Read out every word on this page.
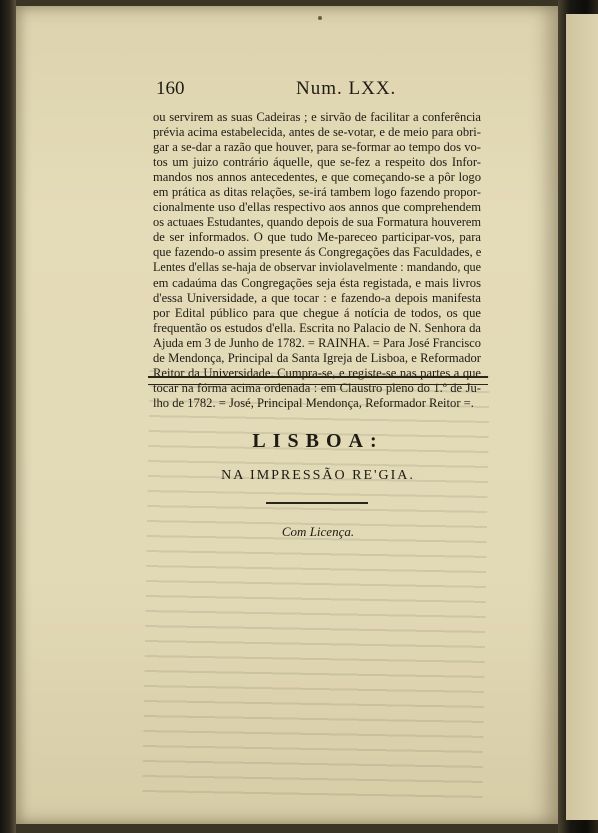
160	Num. LXX.
ou servirem as suas Cadeiras ; e sirvão de facilitar a conferência
prévia acima estabelecida, antes de se-votar, e de meio para obri-
gar a se-dar a razão que houver, para se-formar ao tempo dos vo-
tos um juizo contrário áquelle, que se-fez a respeito dos Infor-
mandos nos annos antecedentes, e que começando-se a pôr logo
em prática as ditas relações, se-irá tambem logo fazendo propor-
cionalmente uso d'ellas respectivo aos annos que comprehendem
os actuaes Estudantes, quando depois de sua Formatura houverem
de ser informados. O que tudo Me-pareceo participar-vos, para
que fazendo-o assim presente ás Congregações das Faculdades, e
Lentes d'ellas se-haja de observar inviolavelmente : mandando, que
em cadaúma das Congregações seja ésta registada, e mais livros
d'essa Universidade, a que tocar : e fazendo-a depois manifesta
por Edital público para que chegue á notícia de todos, os que
frequentão os estudos d'ella. Escrita no Palacio de N. Senhora da
Ajuda em 3 de Junho de 1782. = RAINHA. = Para José Francisco
de Mendonça, Principal da Santa Igreja de Lisboa, e Reformador
Reitor da Universidade. Cumpra-se, e registe-se nas partes a que
tocar na fórma acima ordenada : em Claustro pleno do 1.º de Ju-
lho de 1782. = José, Principal Mendonça, Reformador Reitor =.
LISBOA:
NA IMPRESSÃO RE'GIA.
Com Licença.
